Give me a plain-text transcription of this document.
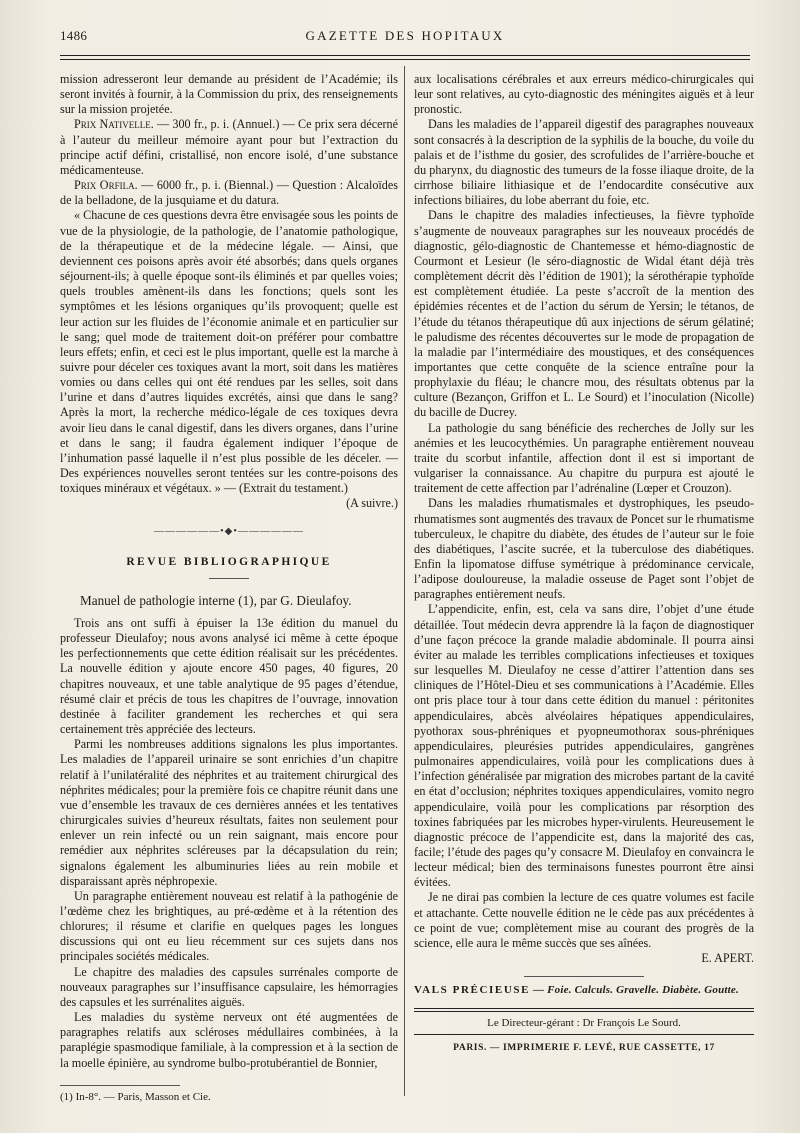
1486	GAZETTE DES HOPITAUX

mission adresseront leur demande au président de l’Académie; ils seront invités à fournir, à la Commission du prix, des renseignements sur la mission projetée.

Prix Nativelle. — 300 fr., p. i. (Annuel.) — Ce prix sera décerné à l’auteur du meilleur mémoire ayant pour but l’extraction du principe actif défini, cristallisé, non encore isolé, d’une substance médicamenteuse.

Prix Orfila. — 6000 fr., p. i. (Biennal.) — Question : Alcaloïdes de la belladone, de la jusquiame et du datura.

« Chacune de ces questions devra être envisagée sous les points de vue de la physiologie, de la pathologie, de l’anatomie pathologique, de la thérapeutique et de la médecine légale. — Ainsi, que deviennent ces poisons après avoir été absorbés; dans quels organes séjournent-ils; à quelle époque sont-ils éliminés et par quelles voies; quels troubles amènent-ils dans les fonctions; quels sont les symptômes et les lésions organiques qu’ils provoquent; quelle est leur action sur les fluides de l’économie animale et en particulier sur le sang; quel mode de traitement doit-on préférer pour combattre leurs effets; enfin, et ceci est le plus important, quelle est la marche à suivre pour déceler ces toxiques avant la mort, soit dans les matières vomies ou dans celles qui ont été rendues par les selles, soit dans l’urine et dans d’autres liquides excrétés, ainsi que dans le sang? Après la mort, la recherche médico-légale de ces toxiques devra avoir lieu dans le canal digestif, dans les divers organes, dans l’urine et dans le sang; il faudra également indiquer l’époque de l’inhumation passé laquelle il n’est plus possible de les déceler. — Des expériences nouvelles seront tentées sur les contre-poisons des toxiques minéraux et végétaux. » — (Extrait du testament.)

(A suivre.)

——————•◆•——————
REVUE BIBLIOGRAPHIQUE

Manuel de pathologie interne (1), par G. Dieulafoy.

Trois ans ont suffi à épuiser la 13e édition du manuel du professeur Dieulafoy; nous avons analysé ici même à cette époque les perfectionnements que cette édition réalisait sur les précédentes. La nouvelle édition y ajoute encore 450 pages, 40 figures, 20 chapitres nouveaux, et une table analytique de 95 pages d’étendue, résumé clair et précis de tous les chapitres de l’ouvrage, innovation destinée à faciliter grandement les recherches et qui sera certainement très appréciée des lecteurs.

Parmi les nombreuses additions signalons les plus importantes. Les maladies de l’appareil urinaire se sont enrichies d’un chapitre relatif à l’unilatéralité des néphrites et au traitement chirurgical des néphrites médicales; pour la première fois ce chapitre réunit dans une vue d’ensemble les travaux de ces dernières années et les tentatives chirurgicales suivies d’heureux résultats, faites non seulement pour enlever un rein infecté ou un rein saignant, mais encore pour remédier aux néphrites scléreuses par la décapsulation du rein; signalons également les albuminuries liées au rein mobile et disparaissant après néphropexie.

Un paragraphe entièrement nouveau est relatif à la pathogénie de l’œdème chez les brightiques, au pré-œdème et à la rétention des chlorures; il résume et clarifie en quelques pages les longues discussions qui ont eu lieu récemment sur ces sujets dans nos principales sociétés médicales.

Le chapitre des maladies des capsules surrénales comporte de nouveaux paragraphes sur l’insuffisance capsulaire, les hémorragies des capsules et les surrénalites aiguës.

Les maladies du système nerveux ont été augmentées de paragraphes relatifs aux scléroses médullaires combinées, à la paraplégie spasmodique familiale, à la compression et à la section de la moelle épinière, au syndrome bulbo-protubérantiel de Bonnier,

(1) In-8°. — Paris, Masson et Cie.

aux localisations cérébrales et aux erreurs médico-chirurgicales qui leur sont relatives, au cyto-diagnostic des méningites aiguës et à leur pronostic.

Dans les maladies de l’appareil digestif des paragraphes nouveaux sont consacrés à la description de la syphilis de la bouche, du voile du palais et de l’isthme du gosier, des scrofulides de l’arrière-bouche et du pharynx, du diagnostic des tumeurs de la fosse iliaque droite, de la cirrhose biliaire lithiasique et de l’endocardite consécutive aux infections biliaires, du lobe aberrant du foie, etc.

Dans le chapitre des maladies infectieuses, la fièvre typhoïde s’augmente de nouveaux paragraphes sur les nouveaux procédés de diagnostic, gélo-diagnostic de Chantemesse et hémo-diagnostic de Courmont et Lesieur (le séro-diagnostic de Widal étant déjà très complètement décrit dès l’édition de 1901); la sérothérapie typhoïde est complètement étudiée. La peste s’accroît de la mention des épidémies récentes et de l’action du sérum de Yersin; le tétanos, de l’étude du tétanos thérapeutique dû aux injections de sérum gélatiné; le paludisme des récentes découvertes sur le mode de propagation de la maladie par l’intermédiaire des moustiques, et des conséquences importantes que cette conquête de la science entraîne pour la prophylaxie du fléau; le chancre mou, des résultats obtenus par la culture (Bezançon, Griffon et L. Le Sourd) et l’inoculation (Nicolle) du bacille de Ducrey.

La pathologie du sang bénéficie des recherches de Jolly sur les anémies et les leucocythémies. Un paragraphe entièrement nouveau traite du scorbut infantile, affection dont il est si important de vulgariser la connaissance. Au chapitre du purpura est ajouté le traitement de cette affection par l’adrénaline (Lœper et Crouzon).

Dans les maladies rhumatismales et dystrophiques, les pseudo-rhumatismes sont augmentés des travaux de Poncet sur le rhumatisme tuberculeux, le chapitre du diabète, des études de l’auteur sur le foie des diabétiques, l’ascite sucrée, et la tuberculose des diabétiques. Enfin la lipomatose diffuse symétrique à prédominance cervicale, l’adipose douloureuse, la maladie osseuse de Paget sont l’objet de paragraphes entièrement neufs.

L’appendicite, enfin, est, cela va sans dire, l’objet d’une étude détaillée. Tout médecin devra apprendre là la façon de diagnostiquer d’une façon précoce la grande maladie abdominale. Il pourra ainsi éviter au malade les terribles complications infectieuses et toxiques sur lesquelles M. Dieulafoy ne cesse d’attirer l’attention dans ses cliniques de l’Hôtel-Dieu et ses communications à l’Académie. Elles ont pris place tour à tour dans cette édition du manuel : péritonites appendiculaires, abcès alvéolaires hépatiques appendiculaires, pyothorax sous-phréniques et pyopneumothorax sous-phréniques appendiculaires, pleurésies putrides appendiculaires, gangrènes pulmonaires appendiculaires, voilà pour les complications dues à l’infection généralisée par migration des microbes partant de la cavité en état d’occlusion; néphrites toxiques appendiculaires, vomito negro appendiculaire, voilà pour les complications par résorption des toxines fabriquées par les microbes hyper-virulents. Heureusement le diagnostic précoce de l’appendicite est, dans la majorité des cas, facile; l’étude des pages qu’y consacre M. Dieulafoy en convaincra le lecteur médical; bien des terminaisons funestes pourront être ainsi évitées.

Je ne dirai pas combien la lecture de ces quatre volumes est facile et attachante. Cette nouvelle édition ne le cède pas aux précédentes à ce point de vue; complètement mise au courant des progrès de la science, elle aura le même succès que ses aînées.

E. APERT.

VALS PRÉCIEUSE — Foie. Calculs. Gravelle. Diabète. Goutte.

Le Directeur-gérant : Dr François Le Sourd.

PARIS. — IMPRIMERIE F. LEVÉ, RUE CASSETTE, 17
